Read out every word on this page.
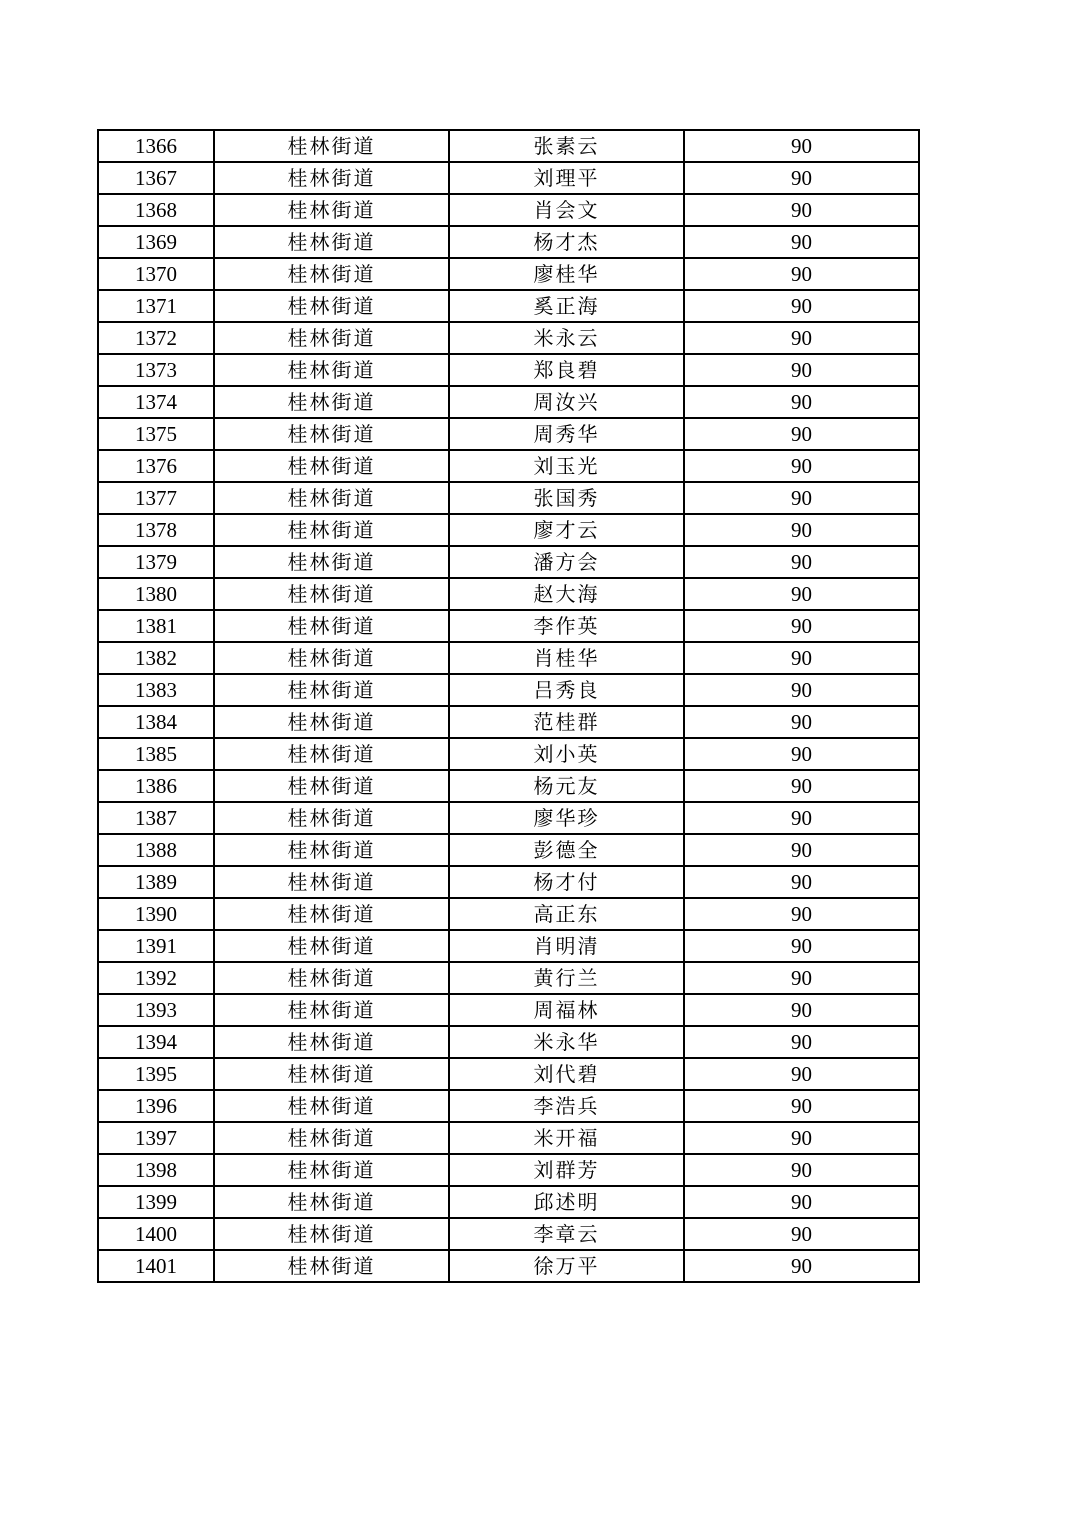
1366	桂林街道	张素云	90
1367	桂林街道	刘理平	90
1368	桂林街道	肖会文	90
1369	桂林街道	杨才杰	90
1370	桂林街道	廖桂华	90
1371	桂林街道	奚正海	90
1372	桂林街道	米永云	90
1373	桂林街道	郑良碧	90
1374	桂林街道	周汝兴	90
1375	桂林街道	周秀华	90
1376	桂林街道	刘玉光	90
1377	桂林街道	张国秀	90
1378	桂林街道	廖才云	90
1379	桂林街道	潘方会	90
1380	桂林街道	赵大海	90
1381	桂林街道	李作英	90
1382	桂林街道	肖桂华	90
1383	桂林街道	吕秀良	90
1384	桂林街道	范桂群	90
1385	桂林街道	刘小英	90
1386	桂林街道	杨元友	90
1387	桂林街道	廖华珍	90
1388	桂林街道	彭德全	90
1389	桂林街道	杨才付	90
1390	桂林街道	高正东	90
1391	桂林街道	肖明清	90
1392	桂林街道	黄行兰	90
1393	桂林街道	周福林	90
1394	桂林街道	米永华	90
1395	桂林街道	刘代碧	90
1396	桂林街道	李浩兵	90
1397	桂林街道	米开福	90
1398	桂林街道	刘群芳	90
1399	桂林街道	邱述明	90
1400	桂林街道	李章云	90
1401	桂林街道	徐万平	90
